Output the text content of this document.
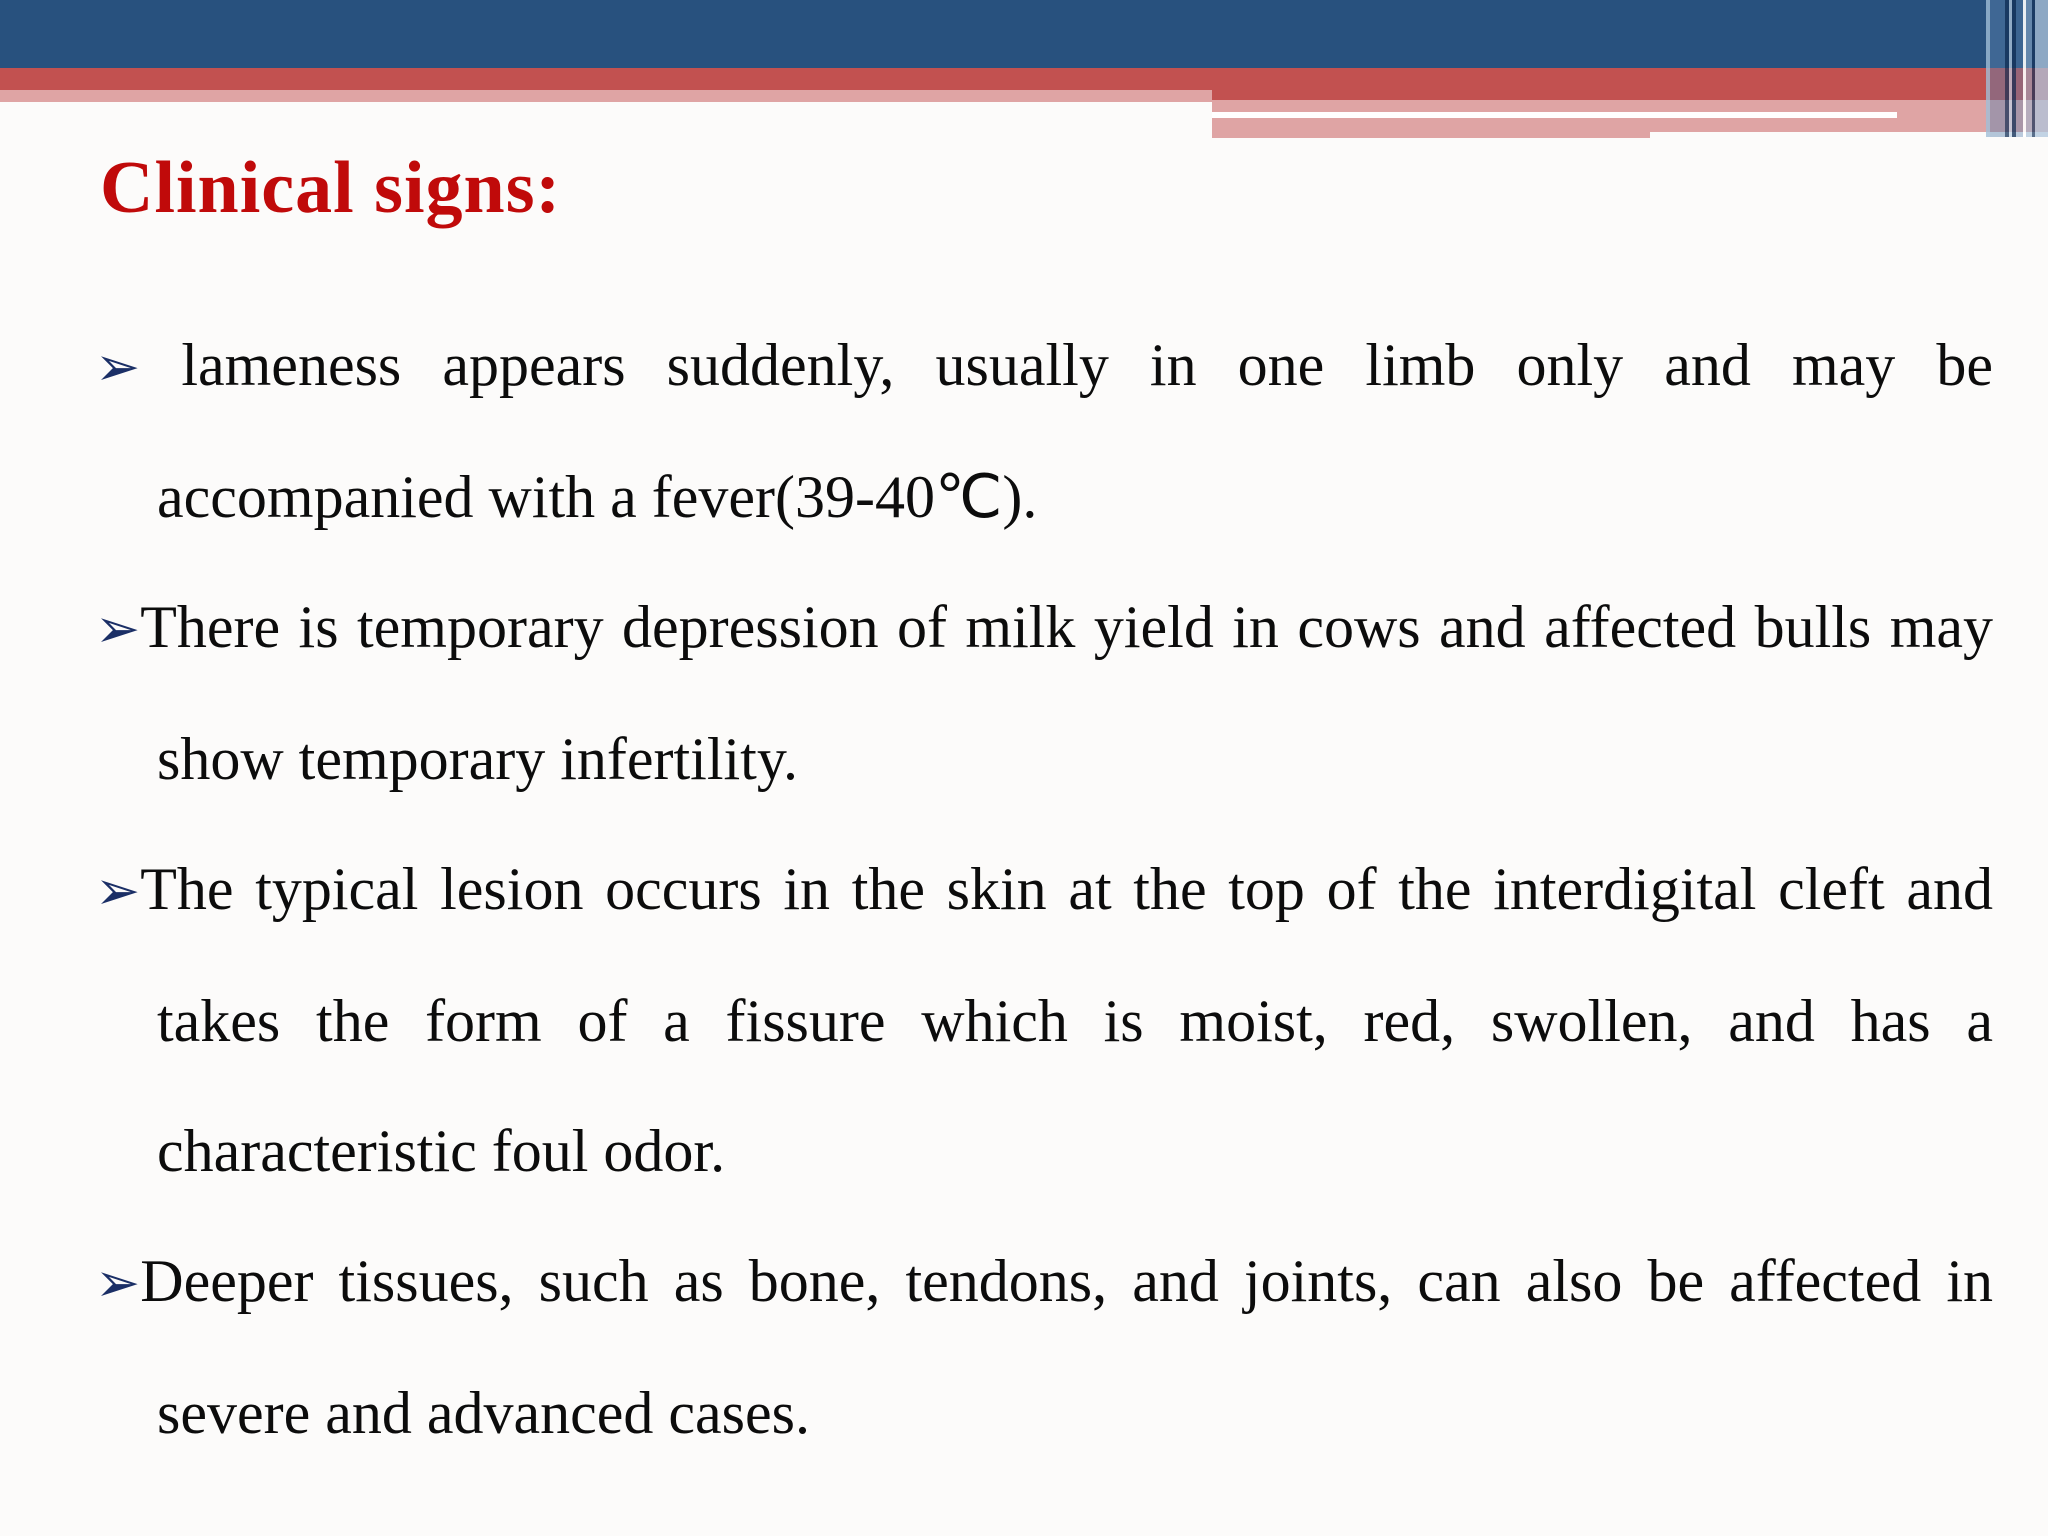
Clinical signs:

➢ lameness appears suddenly, usually in one limb only and may be accompanied with a fever(39-40℃).

➢There is temporary depression of milk yield in cows and affected bulls may show temporary infertility.

➢The typical lesion occurs in the skin at the top of the interdigital cleft and takes the form of a fissure which is moist, red, swollen, and has a characteristic foul odor.

➢Deeper tissues, such as bone, tendons, and joints, can also be affected in severe and advanced cases.
